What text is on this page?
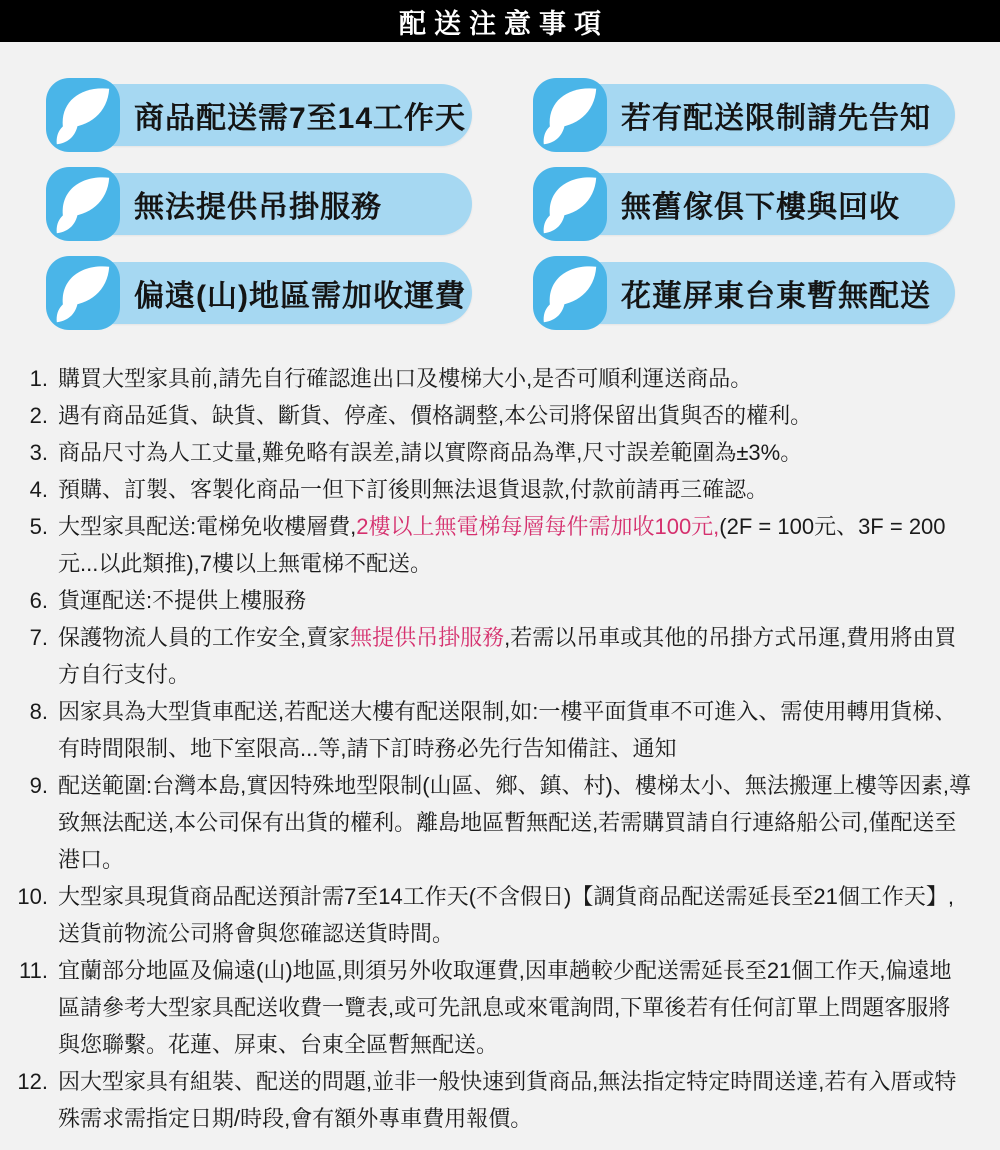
配送注意事項
商品配送需7至14工作天	若有配送限制請先告知
無法提供吊掛服務	無舊傢俱下樓與回收
偏遠(山)地區需加收運費	花蓮屏東台東暫無配送
購買大型家具前,請先自行確認進出口及樓梯大小,是否可順利運送商品。
遇有商品延貨、缺貨、斷貨、停產、價格調整,本公司將保留出貨與否的權利。
商品尺寸為人工丈量,難免略有誤差,請以實際商品為準,尺寸誤差範圍為±3%。
預購、訂製、客製化商品一但下訂後則無法退貨退款,付款前請再三確認。
大型家具配送:電梯免收樓層費,2樓以上無電梯每層每件需加收100元,(2F = 100元、3F = 200元...以此類推),7樓以上無電梯不配送。
貨運配送:不提供上樓服務
保護物流人員的工作安全,賣家無提供吊掛服務,若需以吊車或其他的吊掛方式吊運,費用將由買方自行支付。
因家具為大型貨車配送,若配送大樓有配送限制,如:一樓平面貨車不可進入、需使用轉用貨梯、有時間限制、地下室限高...等,請下訂時務必先行告知備註、通知
配送範圍:台灣本島,實因特殊地型限制(山區、鄉、鎮、村)、樓梯太小、無法搬運上樓等因素,導致無法配送,本公司保有出貨的權利。離島地區暫無配送,若需購買請自行連絡船公司,僅配送至港口。
大型家具現貨商品配送預計需7至14工作天(不含假日)【調貨商品配送需延長至21個工作天】,送貨前物流公司將會與您確認送貨時間。
宜蘭部分地區及偏遠(山)地區,則須另外收取運費,因車趟較少配送需延長至21個工作天,偏遠地區請參考大型家具配送收費一覽表,或可先訊息或來電詢問,下單後若有任何訂單上問題客服將與您聯繫。花蓮、屏東、台東全區暫無配送。
因大型家具有組裝、配送的問題,並非一般快速到貨商品,無法指定特定時間送達,若有入厝或特殊需求需指定日期/時段,會有額外專車費用報價。
